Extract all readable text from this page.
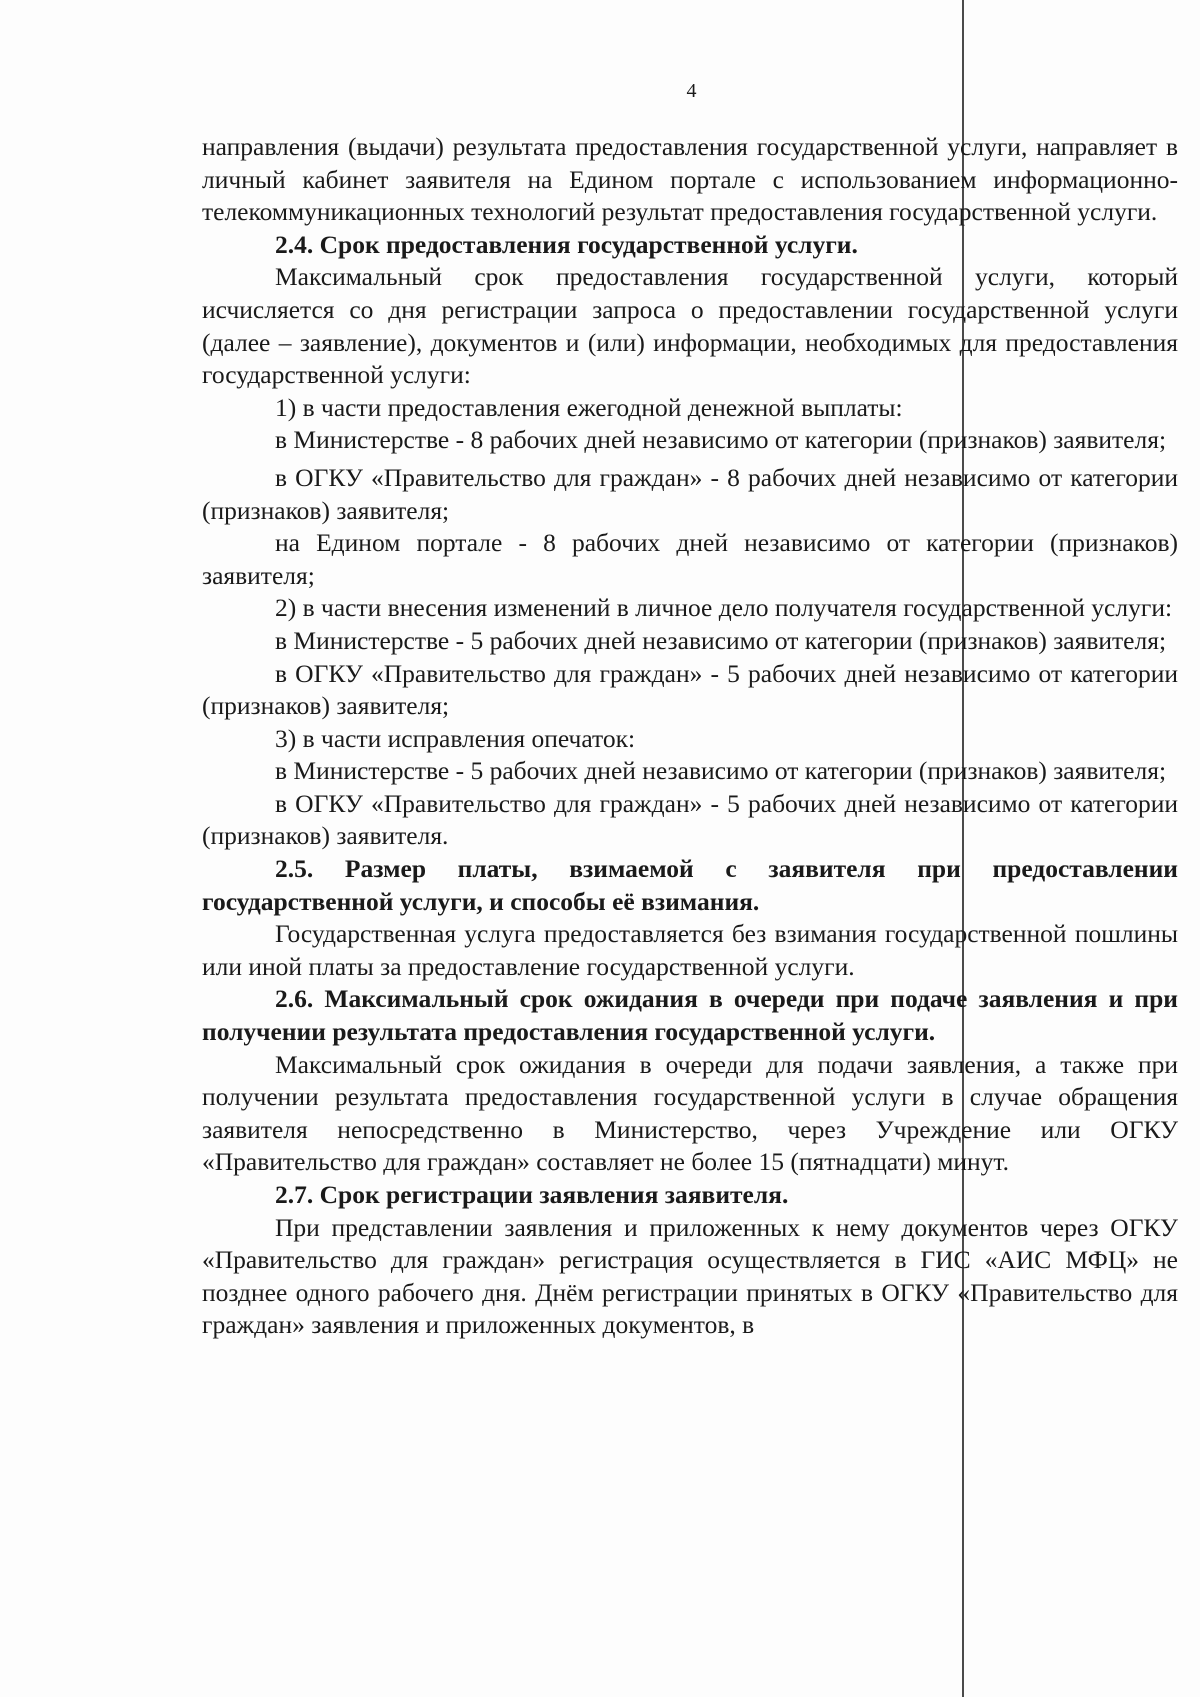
4

направления (выдачи) результата предоставления государственной услуги, направляет в личный кабинет заявителя на Едином портале с использованием информационно-телекоммуникационных технологий результат предоставления государственной услуги.

2.4. Срок предоставления государственной услуги.

Максимальный срок предоставления государственной услуги, который исчисляется со дня регистрации запроса о предоставлении государственной услуги (далее – заявление), документов и (или) информации, необходимых для предоставления государственной услуги:

1) в части предоставления ежегодной денежной выплаты:

в Министерстве - 8 рабочих дней независимо от категории (признаков) заявителя;

в ОГКУ «Правительство для граждан» - 8 рабочих дней независимо от категории (признаков) заявителя;

на Едином портале - 8 рабочих дней независимо от категории (признаков) заявителя;

2) в части внесения изменений в личное дело получателя государственной услуги:

в Министерстве - 5 рабочих дней независимо от категории (признаков) заявителя;

в ОГКУ «Правительство для граждан» - 5 рабочих дней независимо от категории (признаков) заявителя;

3) в части исправления опечаток:

в Министерстве - 5 рабочих дней независимо от категории (признаков) заявителя;

в ОГКУ «Правительство для граждан» - 5 рабочих дней независимо от категории (признаков) заявителя.

2.5. Размер платы, взимаемой с заявителя при предоставлении государственной услуги, и способы её взимания.

Государственная услуга предоставляется без взимания государственной пошлины или иной платы за предоставление государственной услуги.

2.6. Максимальный срок ожидания в очереди при подаче заявления и при получении результата предоставления государственной услуги.

Максимальный срок ожидания в очереди для подачи заявления, а также при получении результата предоставления государственной услуги в случае обращения заявителя непосредственно в Министерство, через Учреждение или ОГКУ «Правительство для граждан» составляет не более 15 (пятнадцати) минут.

2.7. Срок регистрации заявления заявителя.

При представлении заявления и приложенных к нему документов через ОГКУ «Правительство для граждан» регистрация осуществляется в ГИС «АИС МФЦ» не позднее одного рабочего дня. Днём регистрации принятых в ОГКУ «Правительство для граждан» заявления и приложенных документов, в
